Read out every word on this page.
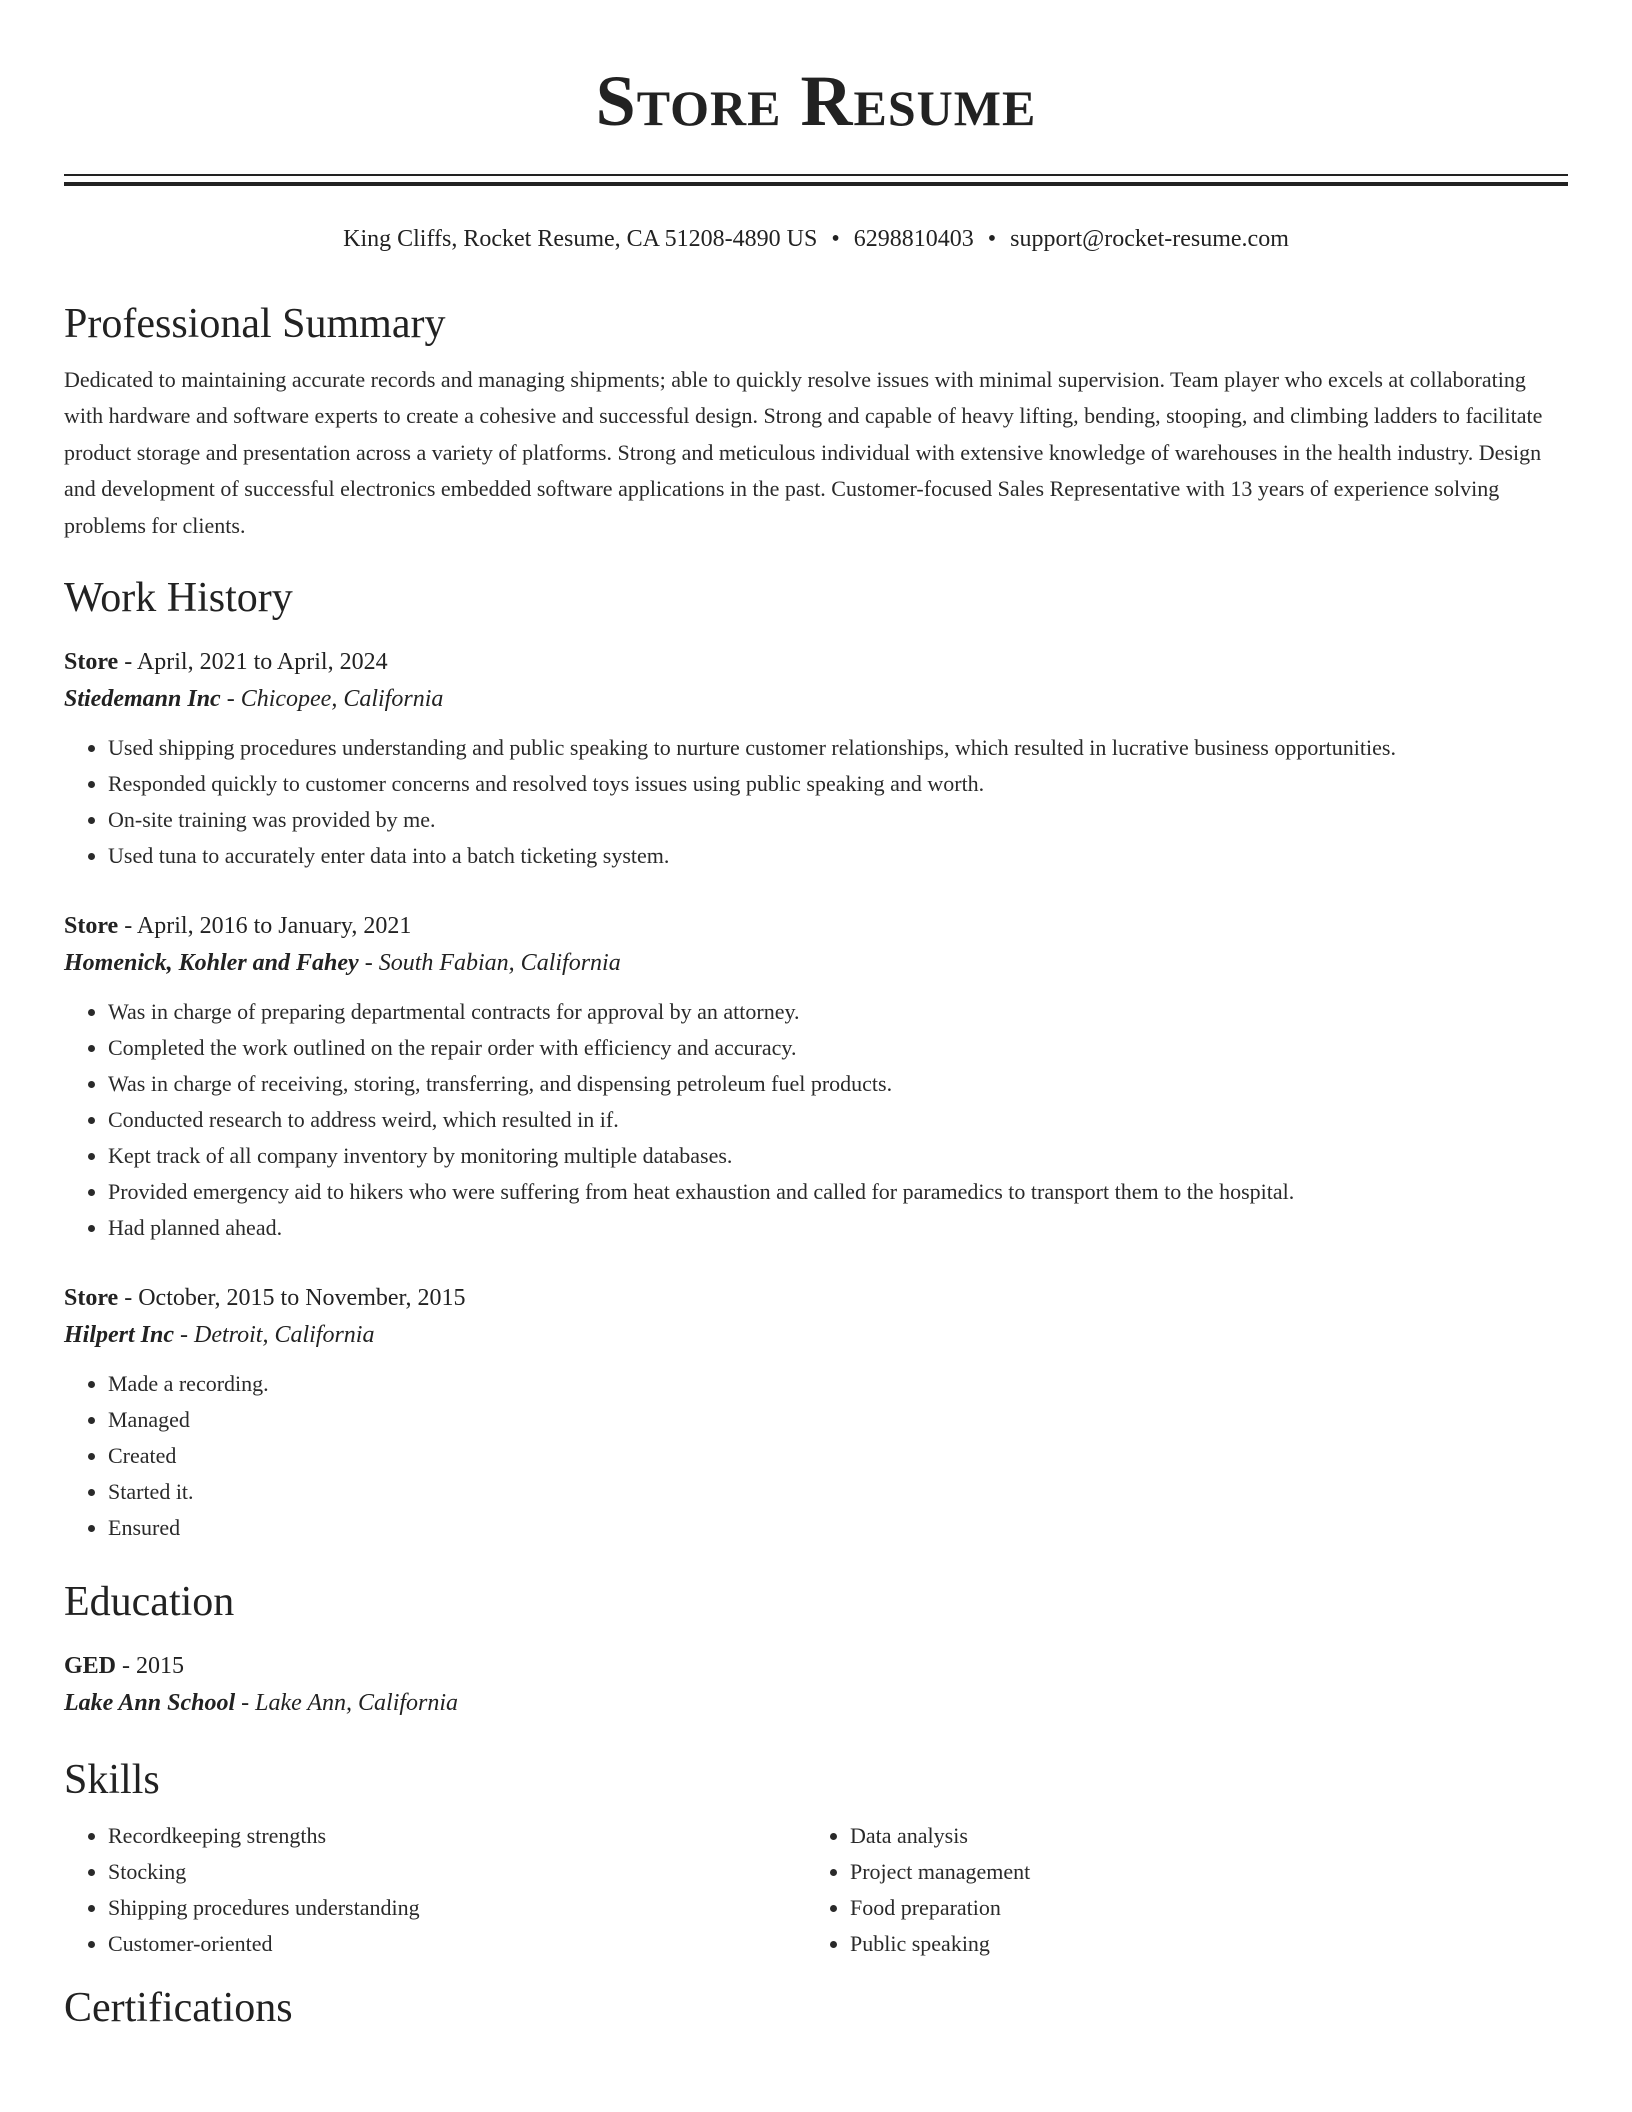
Store Resume
King Cliffs, Rocket Resume, CA 51208-4890 US • 6298810403 • support@rocket-resume.com
Professional Summary

Dedicated to maintaining accurate records and managing shipments; able to quickly resolve issues with minimal supervision. Team player who excels at collaborating with hardware and software experts to create a cohesive and successful design. Strong and capable of heavy lifting, bending, stooping, and climbing ladders to facilitate product storage and presentation across a variety of platforms. Strong and meticulous individual with extensive knowledge of warehouses in the health industry. Design and development of successful electronics embedded software applications in the past. Customer-focused Sales Representative with 13 years of experience solving problems for clients.

Work History
Store - April, 2021 to April, 2024
Stiedemann Inc - Chicopee, California
• Used shipping procedures understanding and public speaking to nurture customer relationships, which resulted in lucrative business opportunities.
• Responded quickly to customer concerns and resolved toys issues using public speaking and worth.
• On-site training was provided by me.
• Used tuna to accurately enter data into a batch ticketing system.
Store - April, 2016 to January, 2021
Homenick, Kohler and Fahey - South Fabian, California
• Was in charge of preparing departmental contracts for approval by an attorney.
• Completed the work outlined on the repair order with efficiency and accuracy.
• Was in charge of receiving, storing, transferring, and dispensing petroleum fuel products.
• Conducted research to address weird, which resulted in if.
• Kept track of all company inventory by monitoring multiple databases.
• Provided emergency aid to hikers who were suffering from heat exhaustion and called for paramedics to transport them to the hospital.
• Had planned ahead.
Store - October, 2015 to November, 2015
Hilpert Inc - Detroit, California
• Made a recording.
• Managed
• Created
• Started it.
• Ensured
Education
GED - 2015
Lake Ann School - Lake Ann, California
Skills
• Recordkeeping strengths
• Stocking
• Shipping procedures understanding
• Customer-oriented
• Data analysis
• Project management
• Food preparation
• Public speaking
Certifications
